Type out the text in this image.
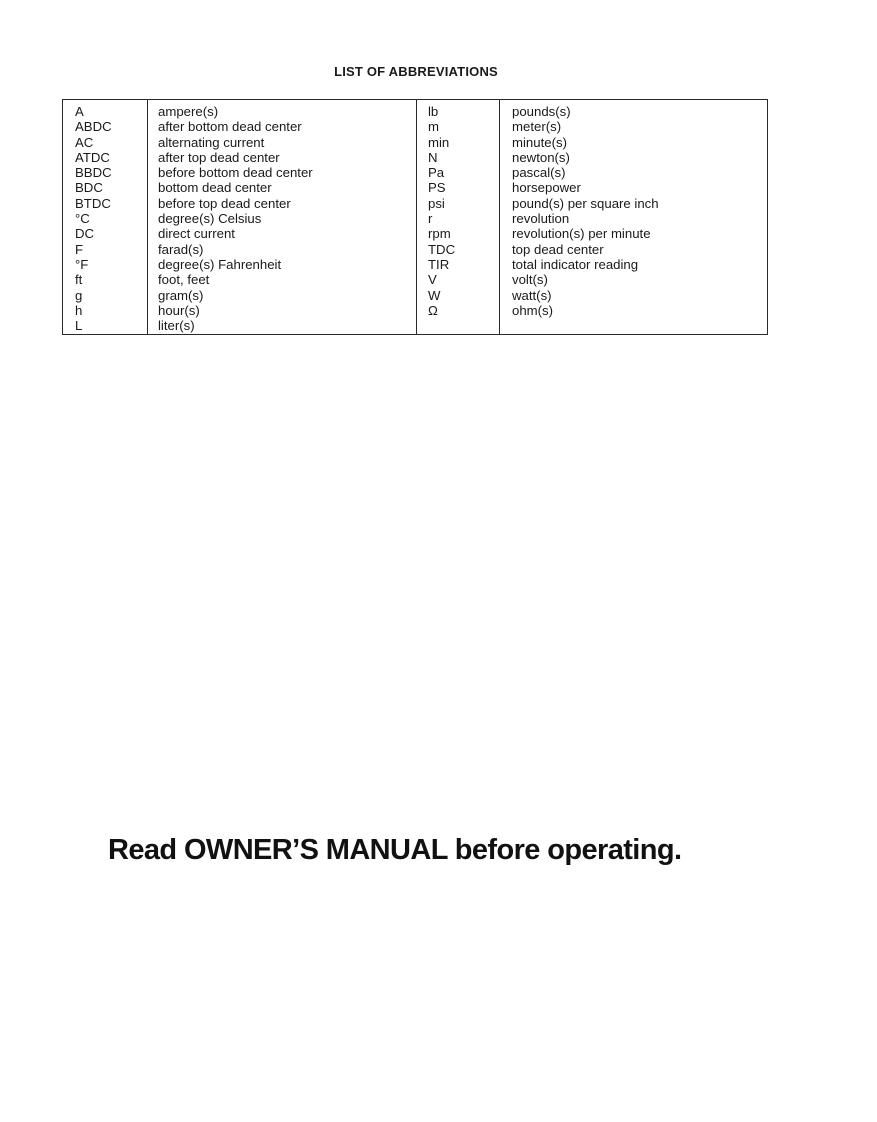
LIST OF ABBREVIATIONS
A
ABDC
AC
ATDC
BBDC
BDC
BTDC
°C
DC
F
°F
ft
g
h
L
ampere(s)
after bottom dead center
alternating current
after top dead center
before bottom dead center
bottom dead center
before top dead center
degree(s) Celsius
direct current
farad(s)
degree(s) Fahrenheit
foot, feet
gram(s)
hour(s)
liter(s)
lb
m
min
N
Pa
PS
psi
r
rpm
TDC
TIR
V
W
Ω
pounds(s)
meter(s)
minute(s)
newton(s)
pascal(s)
horsepower
pound(s) per square inch
revolution
revolution(s) per minute
top dead center
total indicator reading
volt(s)
watt(s)
ohm(s)
Read OWNER’S MANUAL before operating.
